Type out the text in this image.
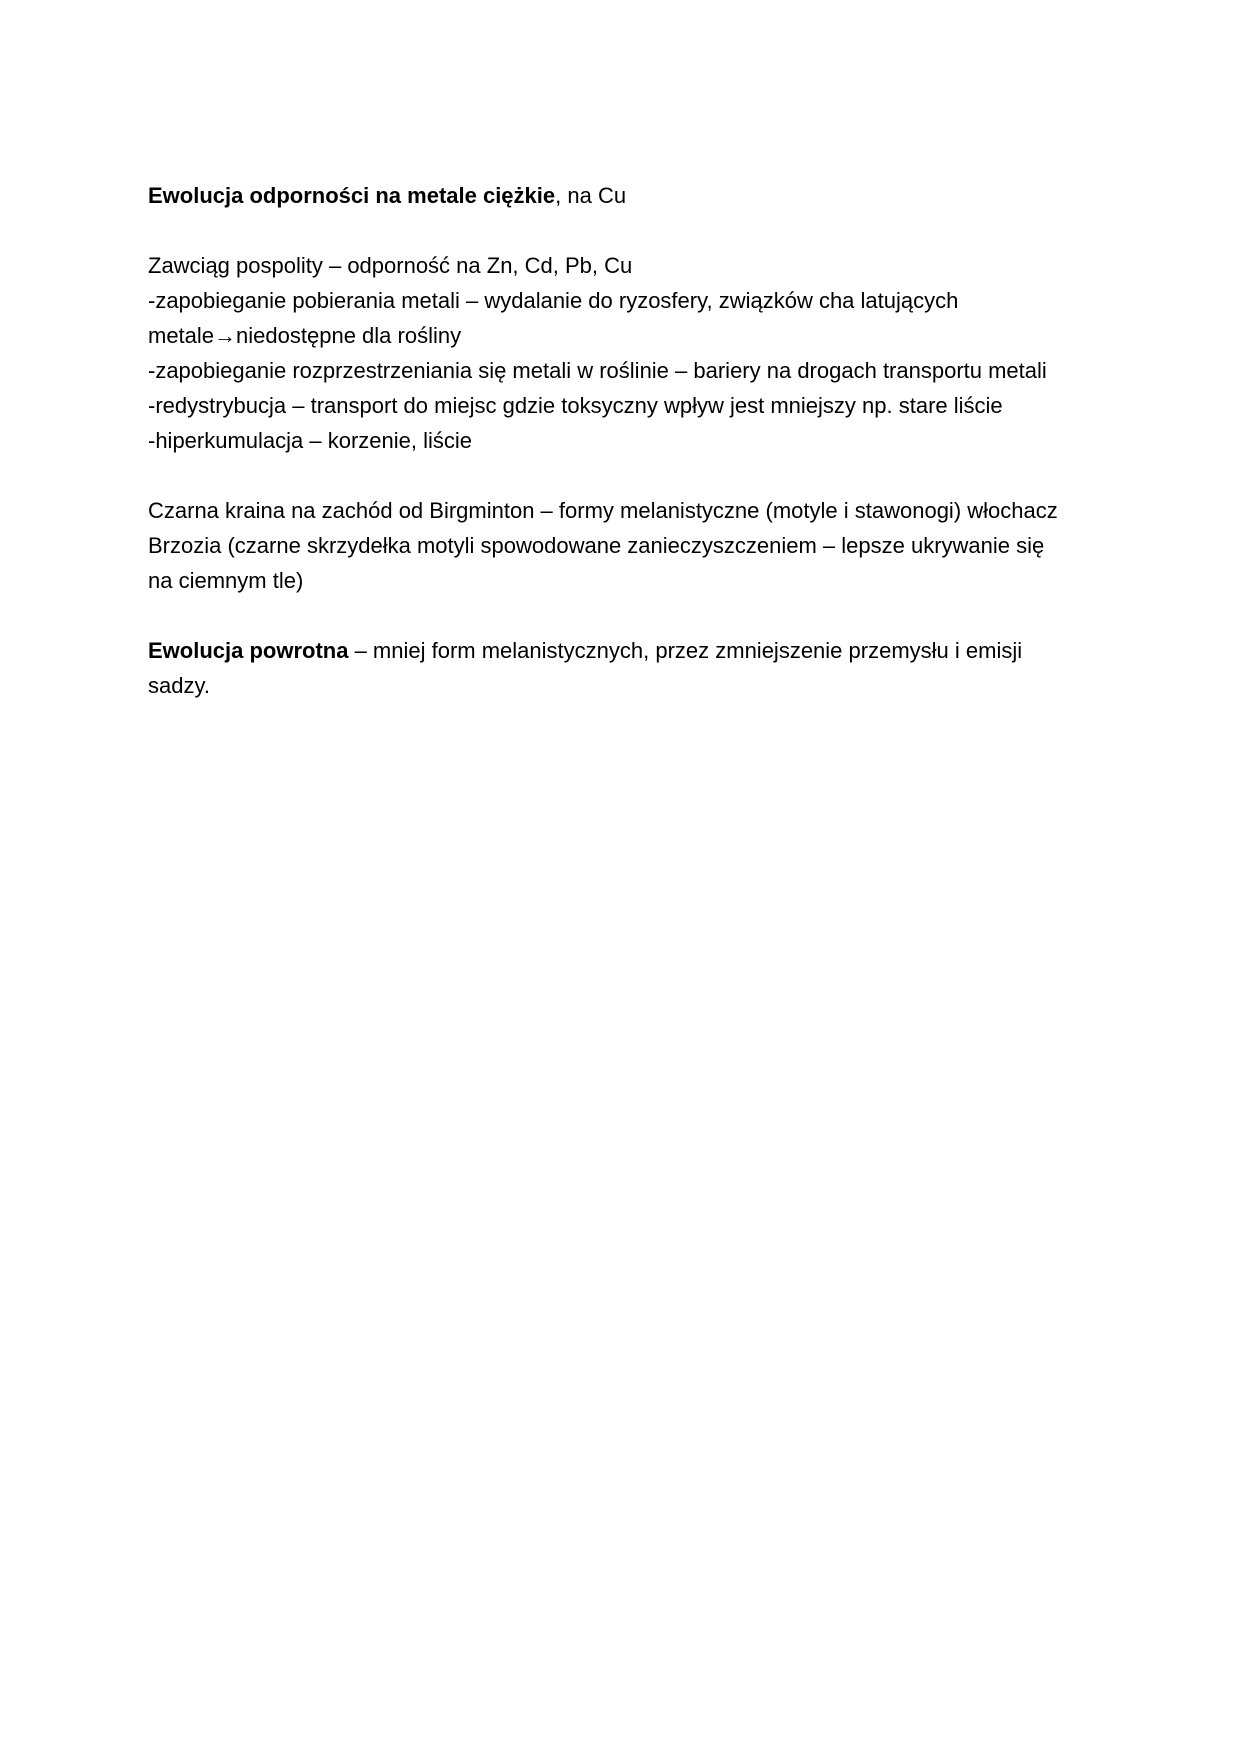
Ewolucja odporności na metale ciężkie, na Cu

Zawciąg pospolity – odporność na Zn, Cd, Pb, Cu
-zapobieganie pobierania metali – wydalanie do ryzosfery, związków cha latujących
metale→niedostępne dla rośliny
-zapobieganie rozprzestrzeniania się metali w roślinie – bariery na drogach transportu metali
-redystrybucja – transport do miejsc gdzie toksyczny wpływ jest mniejszy np. stare liście
-hiperkumulacja – korzenie, liście

Czarna kraina na zachód od Birgminton – formy melanistyczne (motyle i stawonogi) włochacz
Brzozia (czarne skrzydełka motyli spowodowane zanieczyszczeniem – lepsze ukrywanie się
na ciemnym tle)

Ewolucja powrotna – mniej form melanistycznych, przez zmniejszenie przemysłu i emisji
sadzy.
